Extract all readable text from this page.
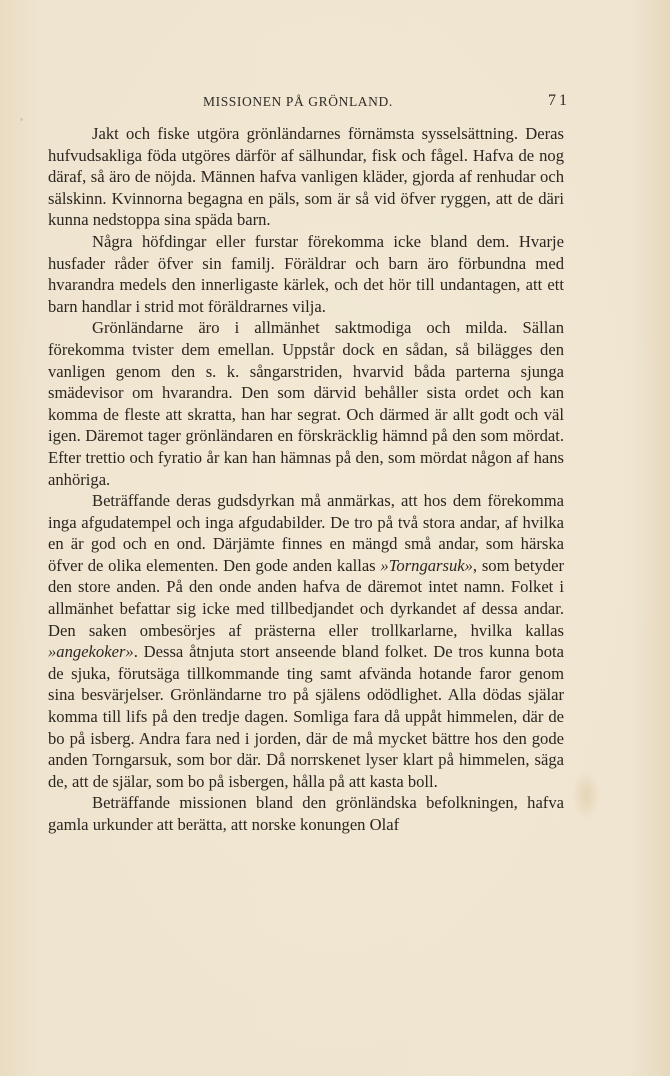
MISSIONEN PÅ GRÖNLAND.	71

Jakt och fiske utgöra grönländarnes förnämsta sysselsättning. Deras hufvudsakliga föda utgöres därför af sälhundar, fisk och fågel. Hafva de nog däraf, så äro de nöjda. Männen hafva vanligen kläder, gjorda af renhudar och sälskinn. Kvinnorna begagna en päls, som är så vid öfver ryggen, att de däri kunna nedstoppa sina späda barn.

Några höfdingar eller furstar förekomma icke bland dem. Hvarje husfader råder öfver sin familj. Föräldrar och barn äro förbundna med hvarandra medels den innerligaste kärlek, och det hör till undantagen, att ett barn handlar i strid mot föräldrarnes vilja.

Grönländarne äro i allmänhet saktmodiga och milda. Sällan förekomma tvister dem emellan. Uppstår dock en sådan, så bilägges den vanligen genom den s. k. sångarstriden, hvarvid båda parterna sjunga smädevisor om hvarandra. Den som därvid behåller sista ordet och kan komma de fleste att skratta, han har segrat. Och därmed är allt godt och väl igen. Däremot tager grönländaren en förskräcklig hämnd på den som mördat. Efter trettio och fyratio år kan han hämnas på den, som mördat någon af hans anhöriga.

Beträffande deras gudsdyrkan må anmärkas, att hos dem förekomma inga afgudatempel och inga afgudabilder. De tro på två stora andar, af hvilka en är god och en ond. Därjämte finnes en mängd små andar, som härska öfver de olika elementen. Den gode anden kallas »Torngarsuk», som betyder den store anden. På den onde anden hafva de däremot intet namn. Folket i allmänhet befattar sig icke med tillbedjandet och dyrkandet af dessa andar. Den saken ombesörjes af prästerna eller trollkarlarne, hvilka kallas »angekoker». Dessa åtnjuta stort anseende bland folket. De tros kunna bota de sjuka, förutsäga tillkommande ting samt afvända hotande faror genom sina besvärjelser. Grönländarne tro på själens odödlighet. Alla dödas själar komma till lifs på den tredje dagen. Somliga fara då uppåt himmelen, där de bo på isberg. Andra fara ned i jorden, där de må mycket bättre hos den gode anden Torngarsuk, som bor där. Då norrskenet lyser klart på himmelen, säga de, att de själar, som bo på isbergen, hålla på att kasta boll.

Beträffande missionen bland den grönländska befolkningen, hafva gamla urkunder att berätta, att norske konungen Olaf
